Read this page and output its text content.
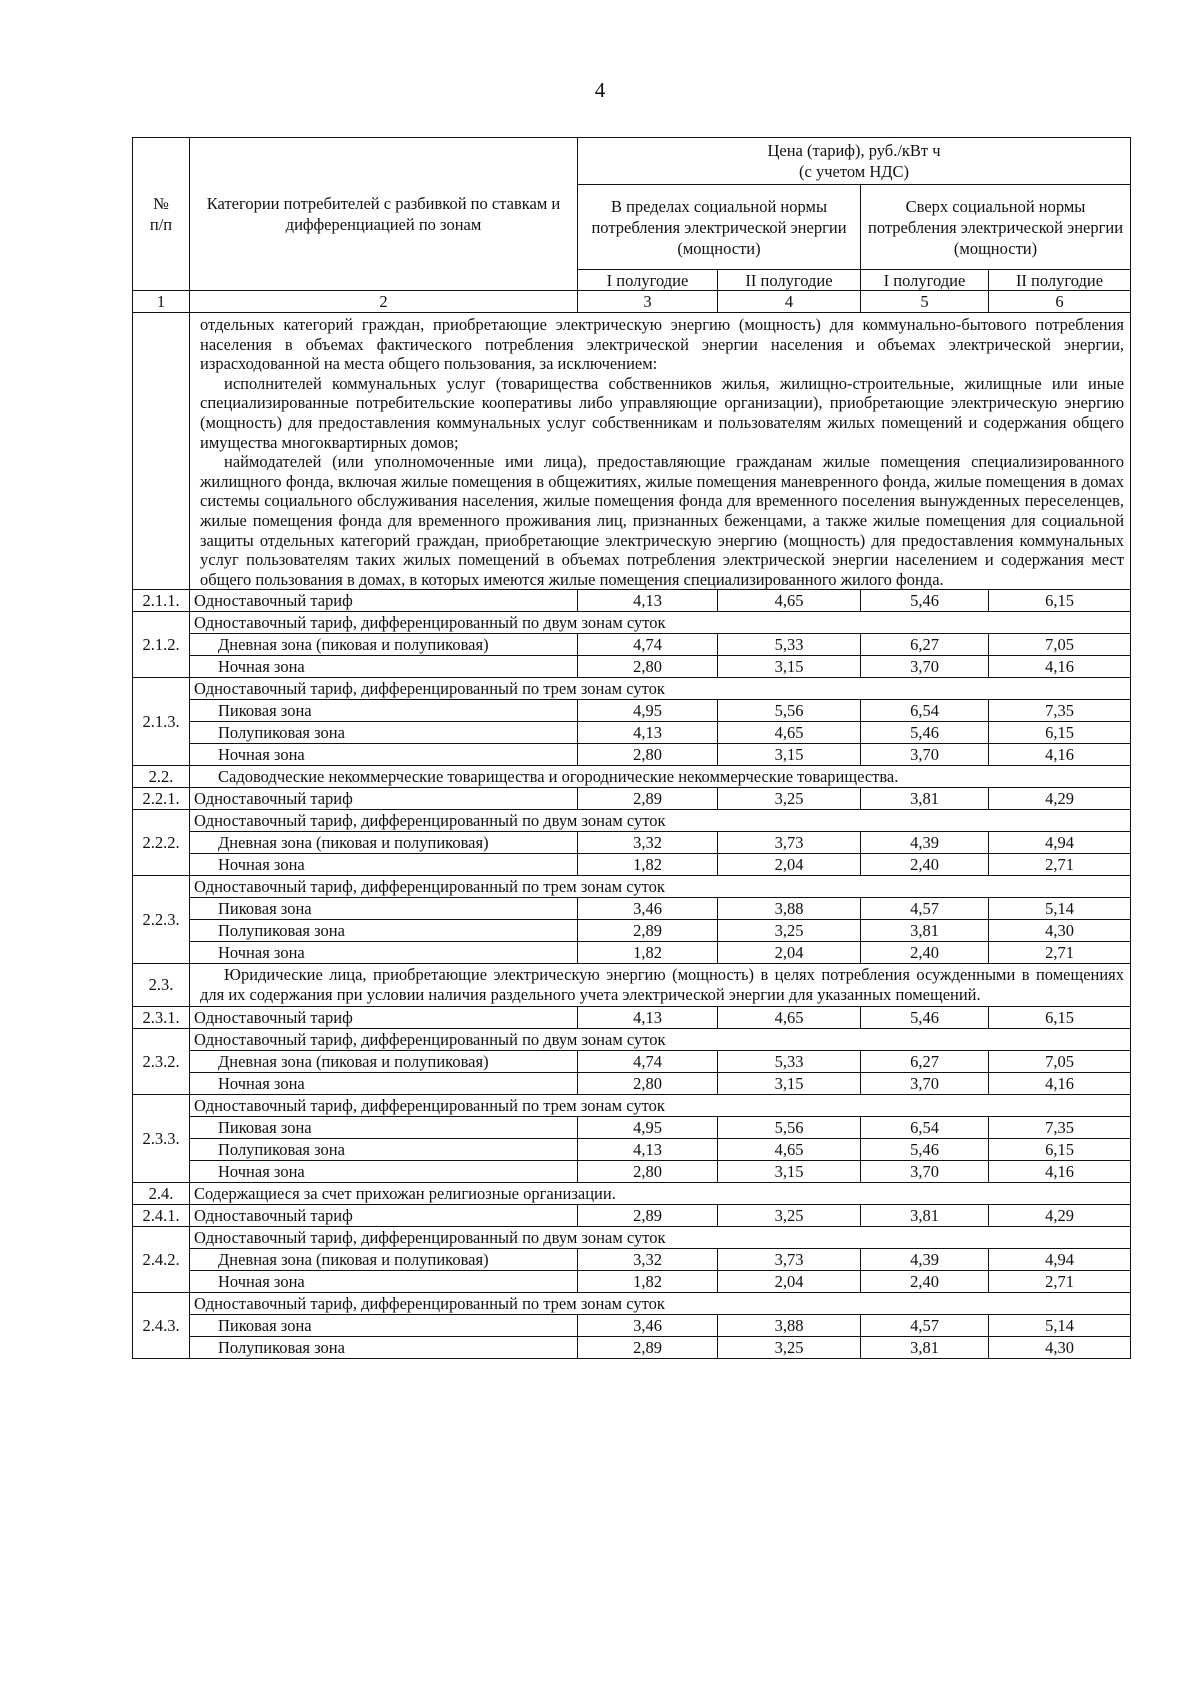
4
№
п/п	Категории потребителей с разбивкой по ставкам и дифференциацией по зонам	Цена (тариф), руб./кВт ч
(с учетом НДС)			
		В пределах социальной нормы потребления электрической энергии (мощности)		Сверх социальной нормы потребления электрической энергии (мощности)	
		I полугодие	II полугодие	I полугодие	II полугодие

1	2	3	4	5	6

	отдельных категорий граждан, приобретающие электрическую энергию (мощность) для коммунально-бытового потребления населения в объемах фактического потребления электрической энергии населения и объемах электрической энергии, израсходованной на места общего пользования, за исключением:

исполнителей коммунальных услуг (товарищества собственников жилья, жилищно-строительные, жилищные или иные специализированные потребительские кооперативы либо управляющие организации), приобретающие электрическую энергию (мощность) для предоставления коммунальных услуг собственникам и пользователям жилых помещений и содержания общего имущества многоквартирных домов;

наймодателей (или уполномоченные ими лица), предоставляющие гражданам жилые помещения специализированного жилищного фонда, включая жилые помещения в общежитиях, жилые помещения маневренного фонда, жилые помещения в домах системы социального обслуживания населения, жилые помещения фонда для временного поселения вынужденных переселенцев, жилые помещения фонда для временного проживания лиц, признанных беженцами, а также жилые помещения для социальной защиты отдельных категорий граждан, приобретающие электрическую энергию (мощность) для предоставления коммунальных услуг пользователям таких жилых помещений в объемах потребления электрической энергии населением и содержания мест общего пользования в домах, в которых имеются жилые помещения специализированного жилого фонда.				

2.1.1.	Одноставочный тариф	4,13	4,65	5,46	6,15
2.1.2.	Одноставочный тариф, дифференцированный по двум зонам суток				
	Дневная зона (пиковая и полупиковая)	4,74	5,33	6,27	7,05
	Ночная зона	2,80	3,15	3,70	4,16
2.1.3.	Одноставочный тариф, дифференцированный по трем зонам суток				
	Пиковая зона	4,95	5,56	6,54	7,35
	Полупиковая зона	4,13	4,65	5,46	6,15
	Ночная зона	2,80	3,15	3,70	4,16
2.2.	Садоводческие некоммерческие товарищества и огороднические некоммерческие товарищества.				
2.2.1.	Одноставочный тариф	2,89	3,25	3,81	4,29
2.2.2.	Одноставочный тариф, дифференцированный по двум зонам суток				
	Дневная зона (пиковая и полупиковая)	3,32	3,73	4,39	4,94
	Ночная зона	1,82	2,04	2,40	2,71
2.2.3.	Одноставочный тариф, дифференцированный по трем зонам суток				
	Пиковая зона	3,46	3,88	4,57	5,14
	Полупиковая зона	2,89	3,25	3,81	4,30
	Ночная зона	1,82	2,04	2,40	2,71
2.3.	Юридические лица, приобретающие электрическую энергию (мощность) в целях потребления осужденными в помещениях для их содержания при условии наличия раздельного учета электрической энергии для указанных помещений.				

2.3.1.	Одноставочный тариф	4,13	4,65	5,46	6,15
2.3.2.	Одноставочный тариф, дифференцированный по двум зонам суток				
	Дневная зона (пиковая и полупиковая)	4,74	5,33	6,27	7,05
	Ночная зона	2,80	3,15	3,70	4,16
2.3.3.	Одноставочный тариф, дифференцированный по трем зонам суток				
	Пиковая зона	4,95	5,56	6,54	7,35
	Полупиковая зона	4,13	4,65	5,46	6,15
	Ночная зона	2,80	3,15	3,70	4,16
2.4.	Содержащиеся за счет прихожан религиозные организации.				
2.4.1.	Одноставочный тариф	2,89	3,25	3,81	4,29
2.4.2.	Одноставочный тариф, дифференцированный по двум зонам суток				
	Дневная зона (пиковая и полупиковая)	3,32	3,73	4,39	4,94
	Ночная зона	1,82	2,04	2,40	2,71
2.4.3.	Одноставочный тариф, дифференцированный по трем зонам суток				
	Пиковая зона	3,46	3,88	4,57	5,14
	Полупиковая зона	2,89	3,25	3,81	4,30
